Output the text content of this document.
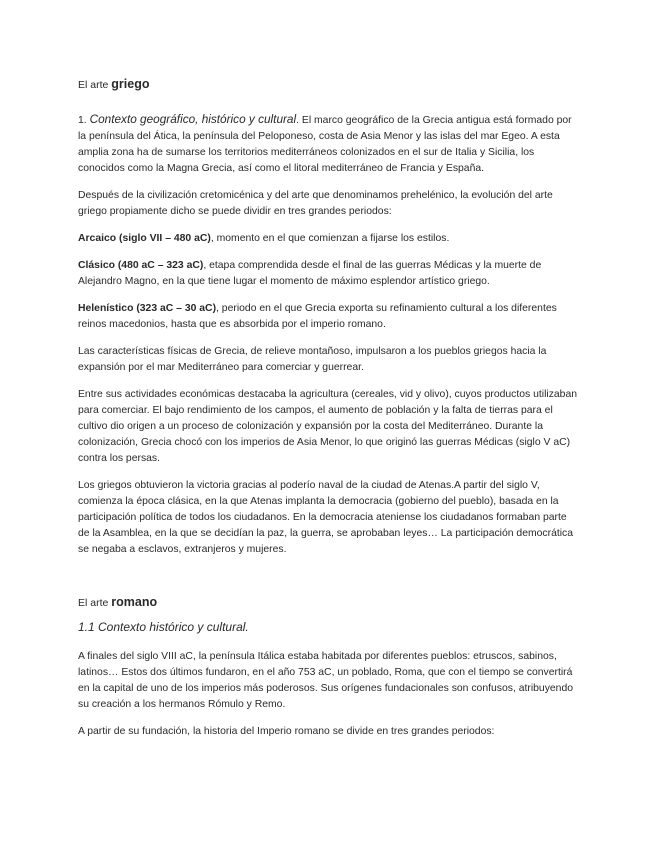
El arte griego

1. Contexto geográfico, histórico y cultural. El marco geográfico de la Grecia antigua está formado por la península del Ática, la península del Peloponeso, costa de Asia Menor y las islas del mar Egeo. A esta amplia zona ha de sumarse los territorios mediterráneos colonizados en el sur de Italia y Sicilia, los conocidos como la Magna Grecia, así como el litoral mediterráneo de Francia y España.

Después de la civilización cretomicénica y del arte que denominamos prehelénico, la evolución del arte griego propiamente dicho se puede dividir en tres grandes periodos:

Arcaico (siglo VII – 480 aC), momento en el que comienzan a fijarse los estilos.

Clásico (480 aC – 323 aC), etapa comprendida desde el final de las guerras Médicas y la muerte de Alejandro Magno, en la que tiene lugar el momento de máximo esplendor artístico griego.

Helenístico (323 aC – 30 aC), periodo en el que Grecia exporta su refinamiento cultural a los diferentes reinos macedonios, hasta que es absorbida por el imperio romano.

Las características físicas de Grecia, de relieve montañoso, impulsaron a los pueblos griegos hacia la expansión por el mar Mediterráneo para comerciar y guerrear.

Entre sus actividades económicas destacaba la agricultura (cereales, vid y olivo), cuyos productos utilizaban para comerciar. El bajo rendimiento de los campos, el aumento de población y la falta de tierras para el cultivo dio origen a un proceso de colonización y expansión por la costa del Mediterráneo. Durante la colonización, Grecia chocó con los imperios de Asia Menor, lo que originó las guerras Médicas (siglo V aC) contra los persas.

Los griegos obtuvieron la victoria gracias al poderío naval de la ciudad de Atenas.A partir del siglo V, comienza la época clásica, en la que Atenas implanta la democracia (gobierno del pueblo), basada en la participación política de todos los ciudadanos. En la democracia ateniense los ciudadanos formaban parte de la Asamblea, en la que se decidían la paz, la guerra, se aprobaban leyes… La participación democrática se negaba a esclavos, extranjeros y mujeres.

El arte romano

1.1 Contexto histórico y cultural.

A finales del siglo VIII aC, la península Itálica estaba habitada por diferentes pueblos: etruscos, sabinos, latinos… Estos dos últimos fundaron, en el año 753 aC, un poblado, Roma, que con el tiempo se convertirá en la capital de uno de los imperios más poderosos. Sus orígenes fundacionales son confusos, atribuyendo su creación a los hermanos Rómulo y Remo.

A partir de su fundación, la historia del Imperio romano se divide en tres grandes periodos:
